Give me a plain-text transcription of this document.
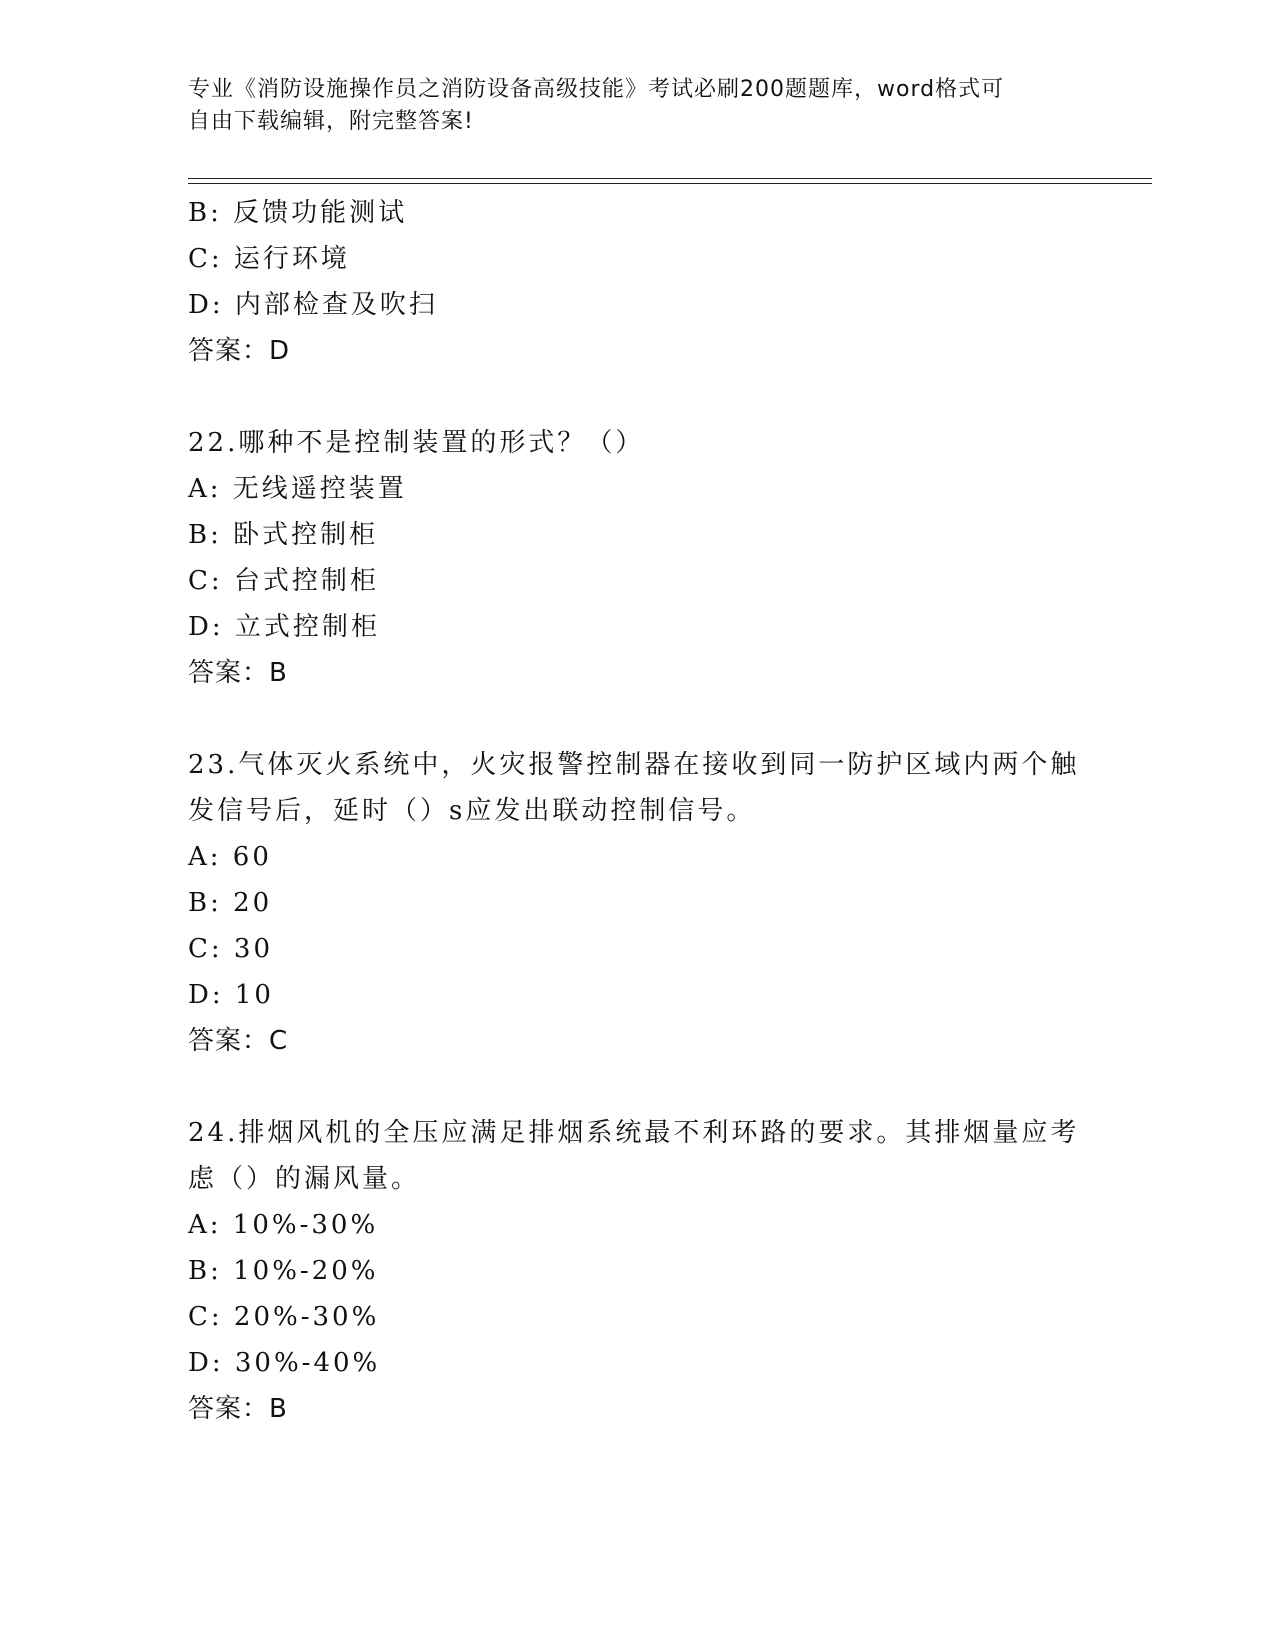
专业《消防设施操作员之消防设备高级技能》考试必刷200题题库，word格式可
自由下载编辑，附完整答案!
B: 反馈功能测试
C: 运行环境
D: 内部检查及吹扫
答案：D
22.哪种不是控制装置的形式？（）
A: 无线遥控装置
B: 卧式控制柜
C: 台式控制柜
D: 立式控制柜
答案：B
23.气体灭火系统中，火灾报警控制器在接收到同一防护区域内两个触
发信号后，延时（）s应发出联动控制信号。
A: 60
B: 20
C: 30
D: 10
答案：C
24.排烟风机的全压应满足排烟系统最不利环路的要求。其排烟量应考
虑（）的漏风量。
A: 10%-30%
B: 10%-20%
C: 20%-30%
D: 30%-40%
答案：B
